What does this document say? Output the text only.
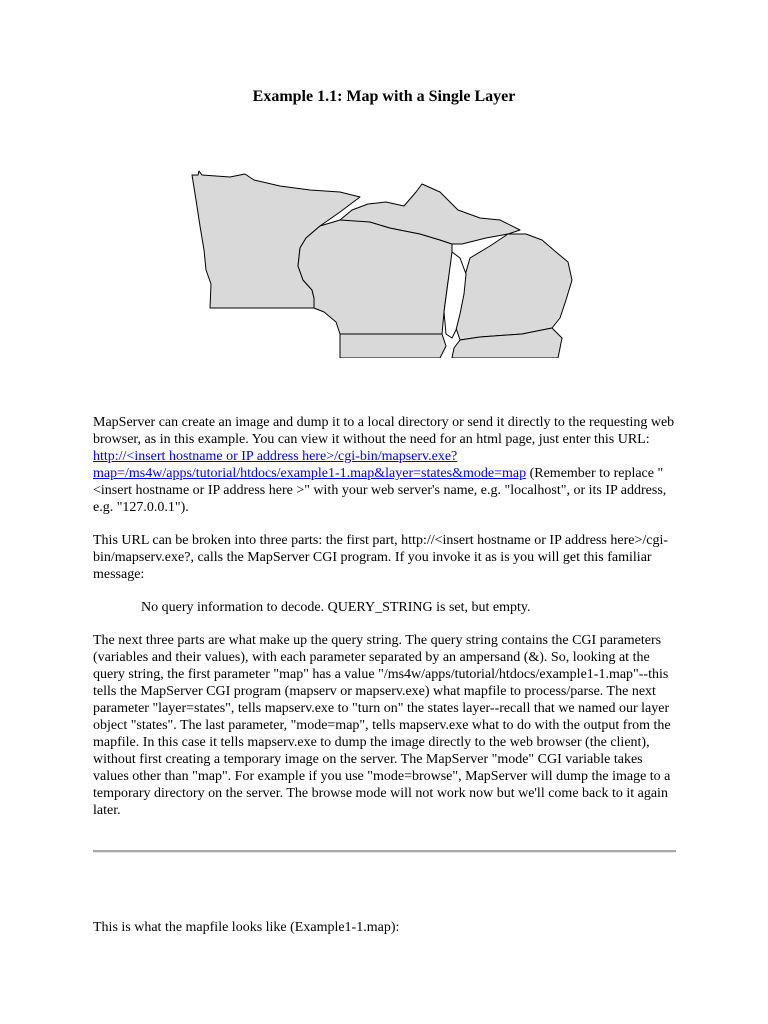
Example 1.1: Map with a Single Layer
MapServer can create an image and dump it to a local directory or send it directly to the requesting web browser, as in this example. You can view it without the need for an html page, just enter this URL: http://<insert hostname or IP address here>/cgi-bin/mapserv.exe?map=/ms4w/apps/tutorial/htdocs/example1-1.map&layer=states&mode=map (Remember to replace "<insert hostname or IP address here >" with your web server's name, e.g. "localhost", or its IP address, e.g. "127.0.0.1").
This URL can be broken into three parts: the first part, http://<insert hostname or IP address here>/cgi-bin/mapserv.exe?, calls the MapServer CGI program. If you invoke it as is you will get this familiar message:
No query information to decode. QUERY_STRING is set, but empty.
The next three parts are what make up the query string. The query string contains the CGI parameters (variables and their values), with each parameter separated by an ampersand (&). So, looking at the query string, the first parameter "map" has a value "/ms4w/apps/tutorial/htdocs/example1-1.map"--this tells the MapServer CGI program (mapserv or mapserv.exe) what mapfile to process/parse. The next parameter "layer=states", tells mapserv.exe to "turn on" the states layer--recall that we named our layer object "states". The last parameter, "mode=map", tells mapserv.exe what to do with the output from the mapfile. In this case it tells mapserv.exe to dump the image directly to the web browser (the client), without first creating a temporary image on the server. The MapServer "mode" CGI variable takes values other than "map". For example if you use "mode=browse", MapServer will dump the image to a temporary directory on the server. The browse mode will not work now but we'll come back to it again later.
This is what the mapfile looks like (Example1-1.map):
